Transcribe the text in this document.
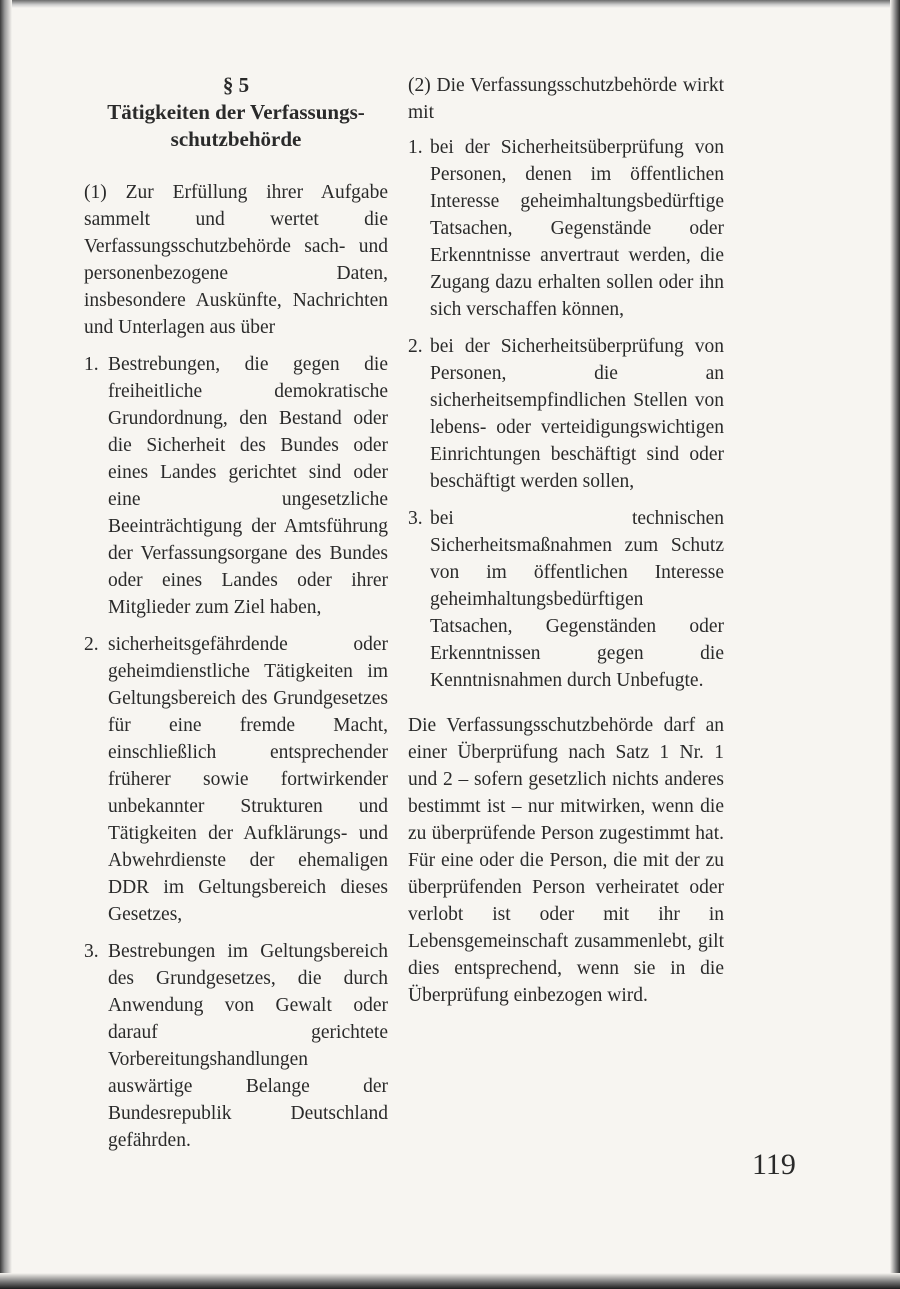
§ 5
Tätigkeiten der Verfassungs-
schutzbehörde

(1) Zur Erfüllung ihrer Aufgabe sammelt und wertet die Verfassungsschutzbehörde sach- und personenbezogene Daten, insbesondere Auskünfte, Nachrichten und Unterlagen aus über

1. Bestrebungen, die gegen die freiheitliche demokratische Grundordnung, den Bestand oder die Sicherheit des Bundes oder eines Landes gerichtet sind oder eine ungesetzliche Beeinträchtigung der Amtsführung der Verfassungsorgane des Bundes oder eines Landes oder ihrer Mitglieder zum Ziel haben,
2. sicherheitsgefährdende oder geheimdienstliche Tätigkeiten im Geltungsbereich des Grundgesetzes für eine fremde Macht, einschließlich entsprechender früherer sowie fortwirkender unbekannter Strukturen und Tätigkeiten der Aufklärungs- und Abwehrdienste der ehemaligen DDR im Geltungsbereich dieses Gesetzes,
3. Bestrebungen im Geltungsbereich des Grundgesetzes, die durch Anwendung von Gewalt oder darauf gerichtete Vorbereitungshandlungen auswärtige Belange der Bundesrepublik Deutschland gefährden.

(2) Die Verfassungsschutzbehörde wirkt mit

1. bei der Sicherheitsüberprüfung von Personen, denen im öffentlichen Interesse geheimhaltungsbedürftige Tatsachen, Gegenstände oder Erkenntnisse anvertraut werden, die Zugang dazu erhalten sollen oder ihn sich verschaffen können,
2. bei der Sicherheitsüberprüfung von Personen, die an sicherheitsempfindlichen Stellen von lebens- oder verteidigungswichtigen Einrichtungen beschäftigt sind oder beschäftigt werden sollen,
3. bei technischen Sicherheitsmaßnahmen zum Schutz von im öffentlichen Interesse geheimhaltungsbedürftigen Tatsachen, Gegenständen oder Erkenntnissen gegen die Kenntnisnahmen durch Unbefugte.

Die Verfassungsschutzbehörde darf an einer Überprüfung nach Satz 1 Nr. 1 und 2 – sofern gesetzlich nichts anderes bestimmt ist – nur mitwirken, wenn die zu überprüfende Person zugestimmt hat. Für eine oder die Person, die mit der zu überprüfenden Person verheiratet oder verlobt ist oder mit ihr in Lebensgemeinschaft zusammenlebt, gilt dies entsprechend, wenn sie in die Überprüfung einbezogen wird.

119
